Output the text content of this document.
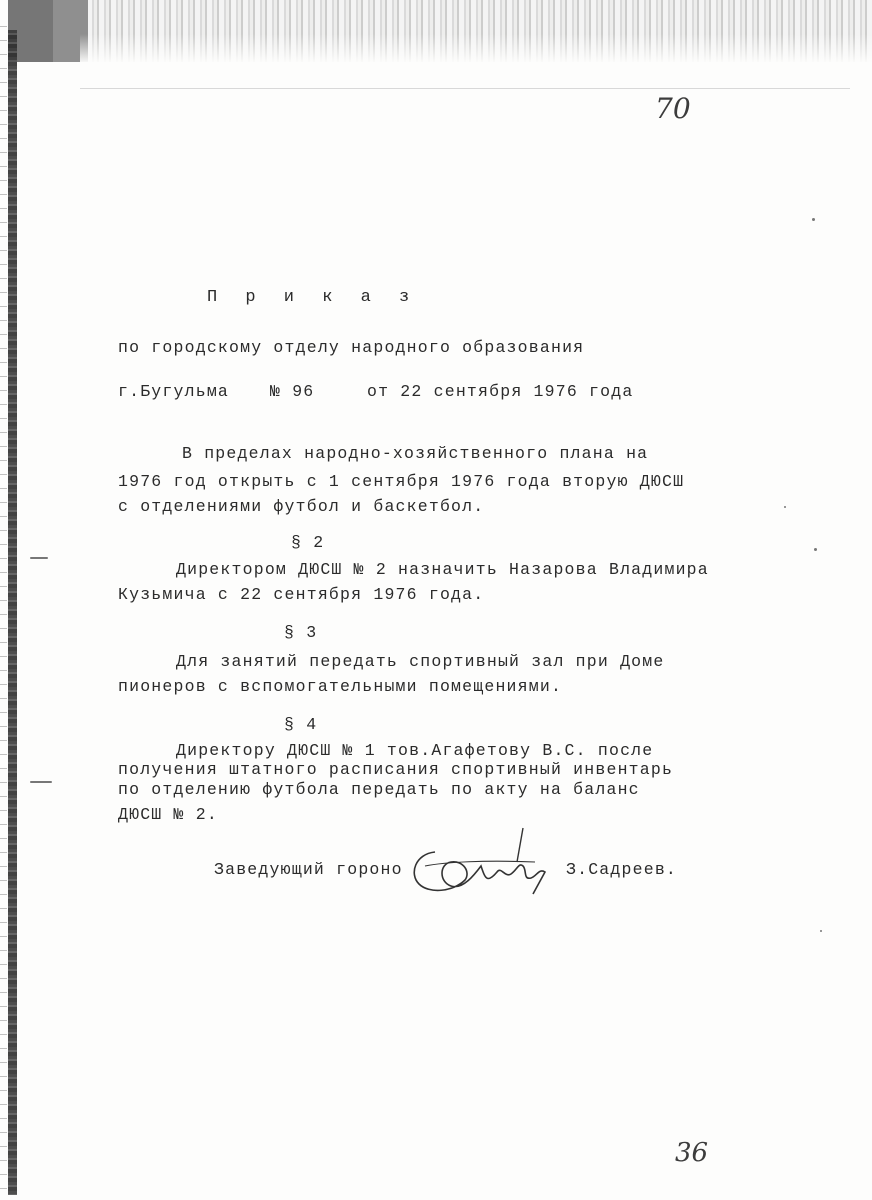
70
П р и к а з
по городскому отделу народного образования
г.Бугульма № 96	от 22 сентября 1976 года
В пределах народно-хозяйственного плана на
1976 год открыть с 1 сентября 1976 года вторую ДЮСШ
с отделениями футбол и баскетбол.
§ 2
Директором ДЮСШ № 2 назначить Назарова Владимира
Кузьмича с 22 сентября 1976 года.
§ 3
Для занятий передать спортивный зал при Доме
пионеров с вспомогательными помещениями.
§ 4
Директору ДЮСШ № 1 тов.Агафетову В.С. после
получения штатного расписания спортивный инвентарь
по отделению футбола передать по акту на баланс
ДЮСШ № 2.
Заведующий гороно	З.Садреев.
36
